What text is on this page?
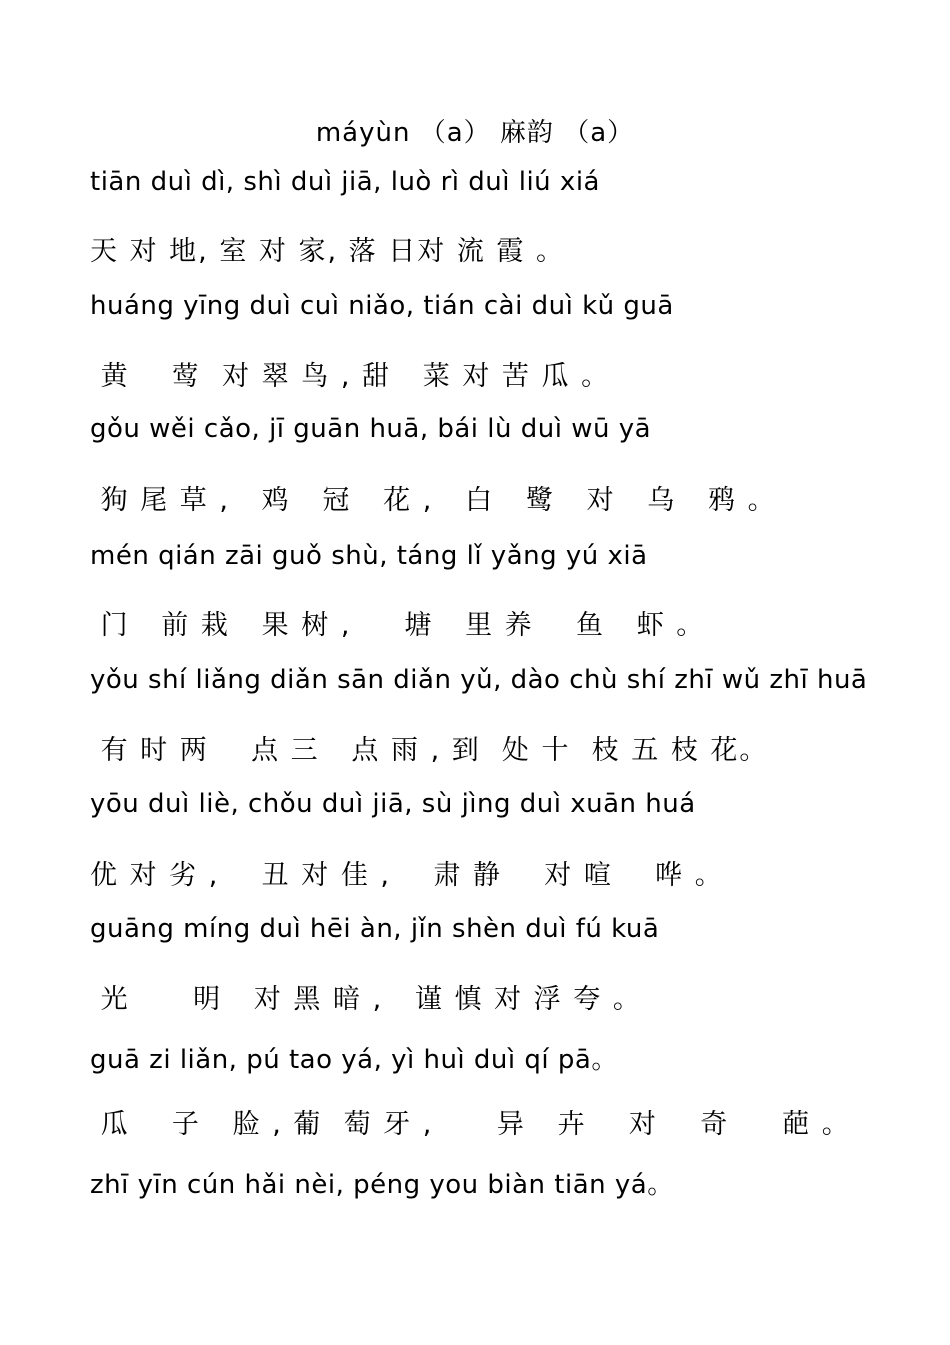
máyùn （a） 麻韵 （a）
tiān duì dì, shì duì jiā, luò rì duì liú xiá
天 对 地, 室 对 家, 落 日对 流 霞 。
huáng yīng duì cuì niǎo, tián cài duì kǔ guā
黄    莺  对 翠 鸟 , 甜   菜 对 苦 瓜 。
gǒu wěi cǎo, jī guān huā, bái lù duì wū yā
狗 尾 草 ,   鸡   冠   花 ,   白   鹭   对   乌   鸦 。
mén qián zāi guǒ shù, táng lǐ yǎng yú xiā
门   前 栽   果 树 ,     塘   里 养    鱼   虾 。
yǒu shí liǎng diǎn sān diǎn yǔ, dào chù shí zhī wǔ zhī huā
有 时 两    点 三   点 雨 , 到  处 十  枝 五 枝 花。
yōu duì liè, chǒu duì jiā, sù jìng duì xuān huá
优 对 劣 ,    丑 对 佳 ,    肃 静    对 喧    哗 。
guāng míng duì hēi àn, jǐn shèn duì fú kuā
光      明   对 黑 暗 ,   谨 慎 对 浮 夸 。
guā zi liǎn, pú tao yá, yì huì duì qí pā。
瓜    子   脸 , 葡  萄 牙 ,      异   卉    对    奇     葩 。
zhī yīn cún hǎi nèi, péng you biàn tiān yá。
